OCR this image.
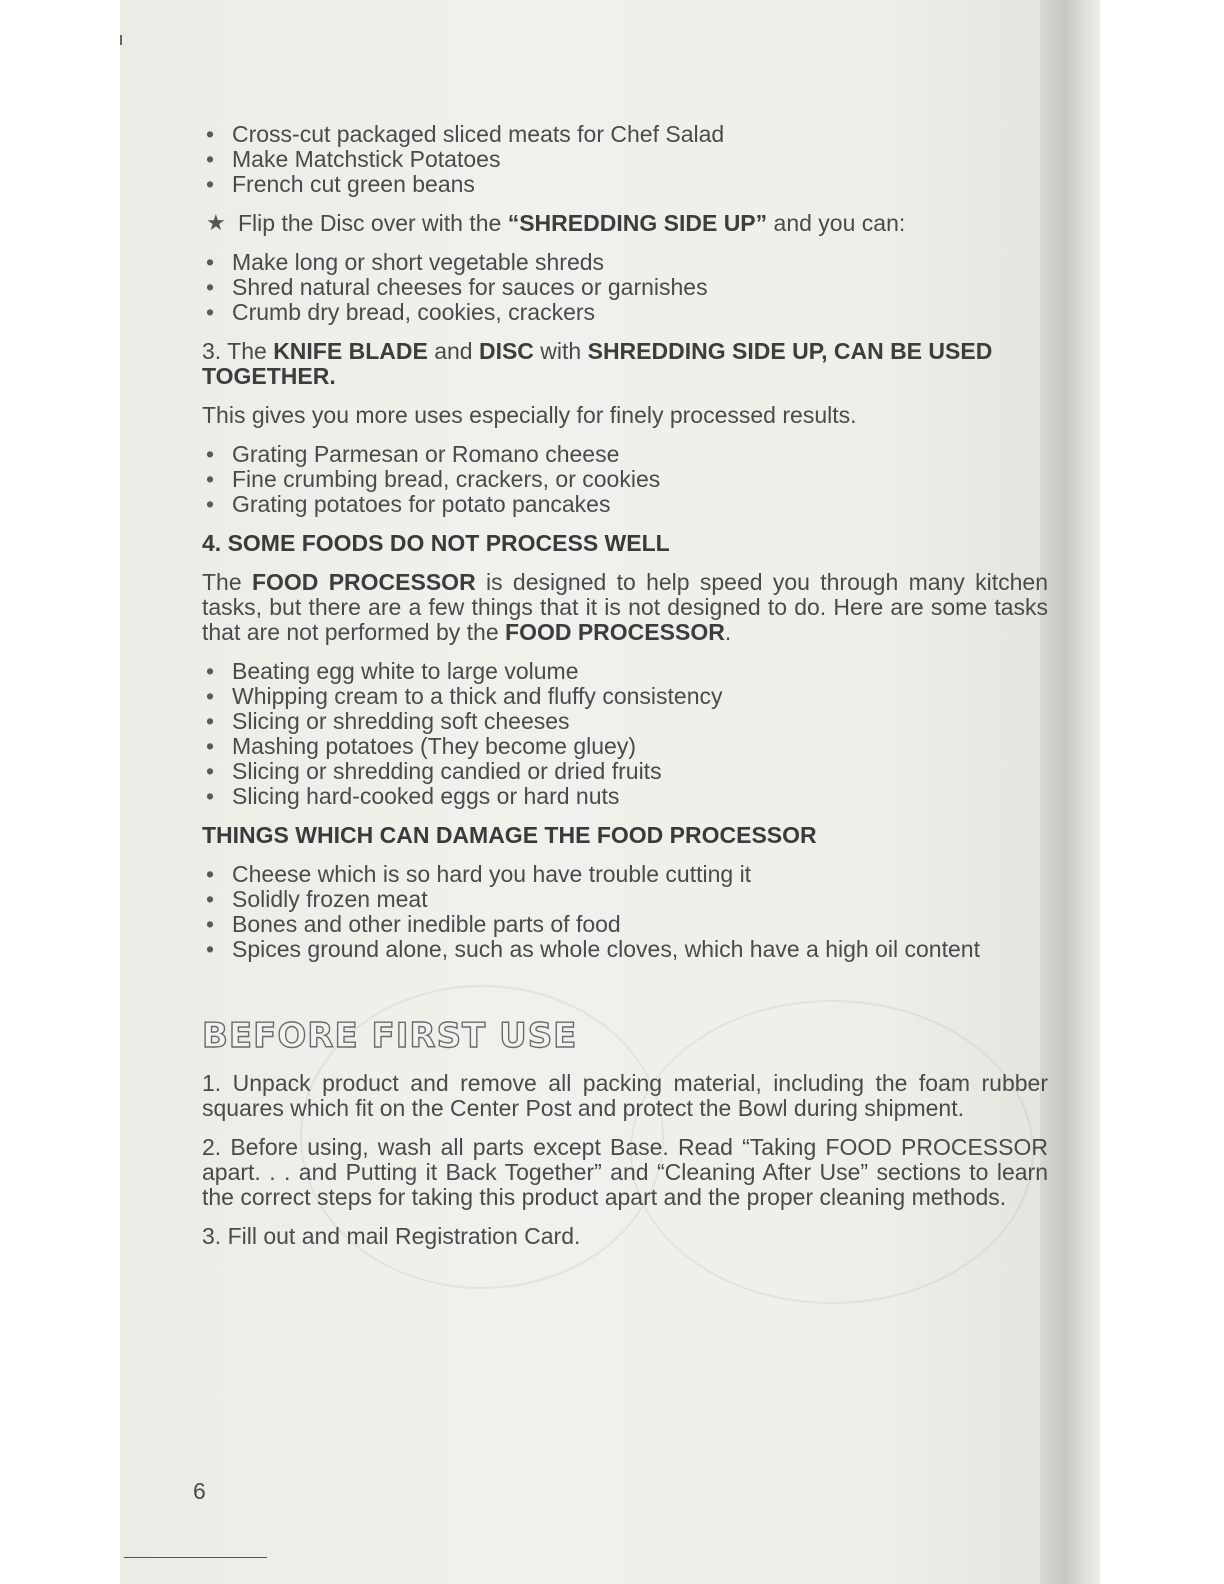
• Cross-cut packaged sliced meats for Chef Salad
• Make Matchstick Potatoes
• French cut green beans
★ Flip the Disc over with the “SHREDDING SIDE UP” and you can:
• Make long or short vegetable shreds
• Shred natural cheeses for sauces or garnishes
• Crumb dry bread, cookies, crackers
3. The KNIFE BLADE and DISC with SHREDDING SIDE UP, CAN BE USED TOGETHER.
This gives you more uses especially for finely processed results.
• Grating Parmesan or Romano cheese
• Fine crumbing bread, crackers, or cookies
• Grating potatoes for potato pancakes
4. SOME FOODS DO NOT PROCESS WELL
The FOOD PROCESSOR is designed to help speed you through many kitchen tasks, but there are a few things that it is not designed to do. Here are some tasks that are not performed by the FOOD PROCESSOR.
• Beating egg white to large volume
• Whipping cream to a thick and fluffy consistency
• Slicing or shredding soft cheeses
• Mashing potatoes (They become gluey)
• Slicing or shredding candied or dried fruits
• Slicing hard-cooked eggs or hard nuts
THINGS WHICH CAN DAMAGE THE FOOD PROCESSOR
• Cheese which is so hard you have trouble cutting it
• Solidly frozen meat
• Bones and other inedible parts of food
• Spices ground alone, such as whole cloves, which have a high oil content
BEFORE FIRST USE
1. Unpack product and remove all packing material, including the foam rubber squares which fit on the Center Post and protect the Bowl during shipment.
2. Before using, wash all parts except Base. Read “Taking FOOD PROCESSOR apart. . . and Putting it Back Together” and “Cleaning After Use” sections to learn the correct steps for taking this product apart and the proper cleaning methods.
3. Fill out and mail Registration Card.
6
